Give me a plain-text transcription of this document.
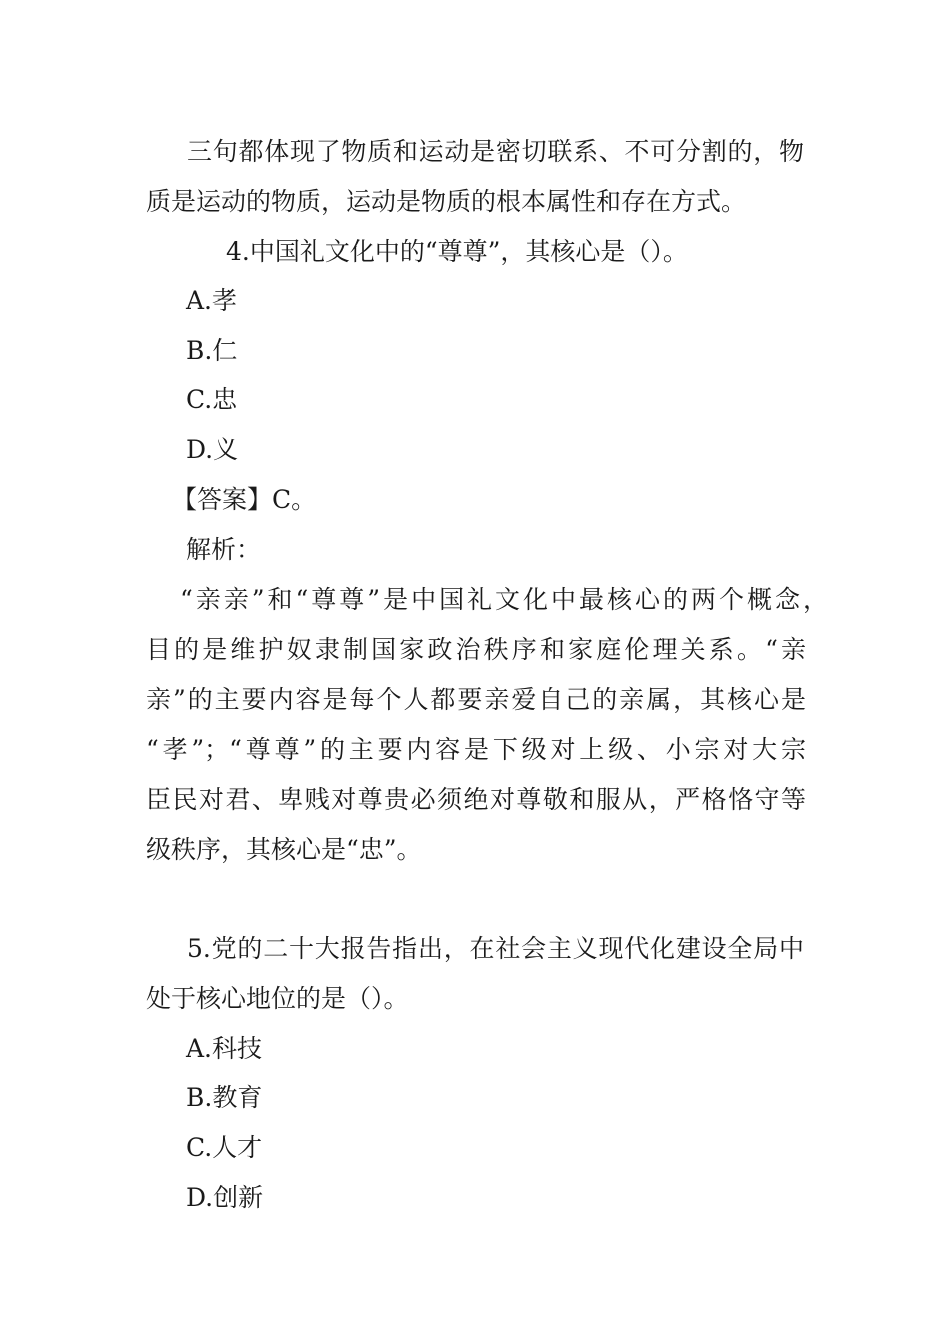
三句都体现了物质和运动是密切联系、不可分割的，物
质是运动的物质，运动是物质的根本属性和存在方式。
4.中国礼文化中的“尊尊”，其核心是（）。
A.孝
B.仁
C.忠
D.义
【答案】C。
解析：
“亲亲”和“尊尊”是中国礼文化中最核心的两个概念，
目的是维护奴隶制国家政治秩序和家庭伦理关系。“亲
亲”的主要内容是每个人都要亲爱自己的亲属，其核心是
“孝”；“尊尊”的主要内容是下级对上级、小宗对大宗
臣民对君、卑贱对尊贵必须绝对尊敬和服从，严格恪守等
级秩序，其核心是“忠”。
5.党的二十大报告指出，在社会主义现代化建设全局中
处于核心地位的是（）。
A.科技
B.教育
C.人才
D.创新
